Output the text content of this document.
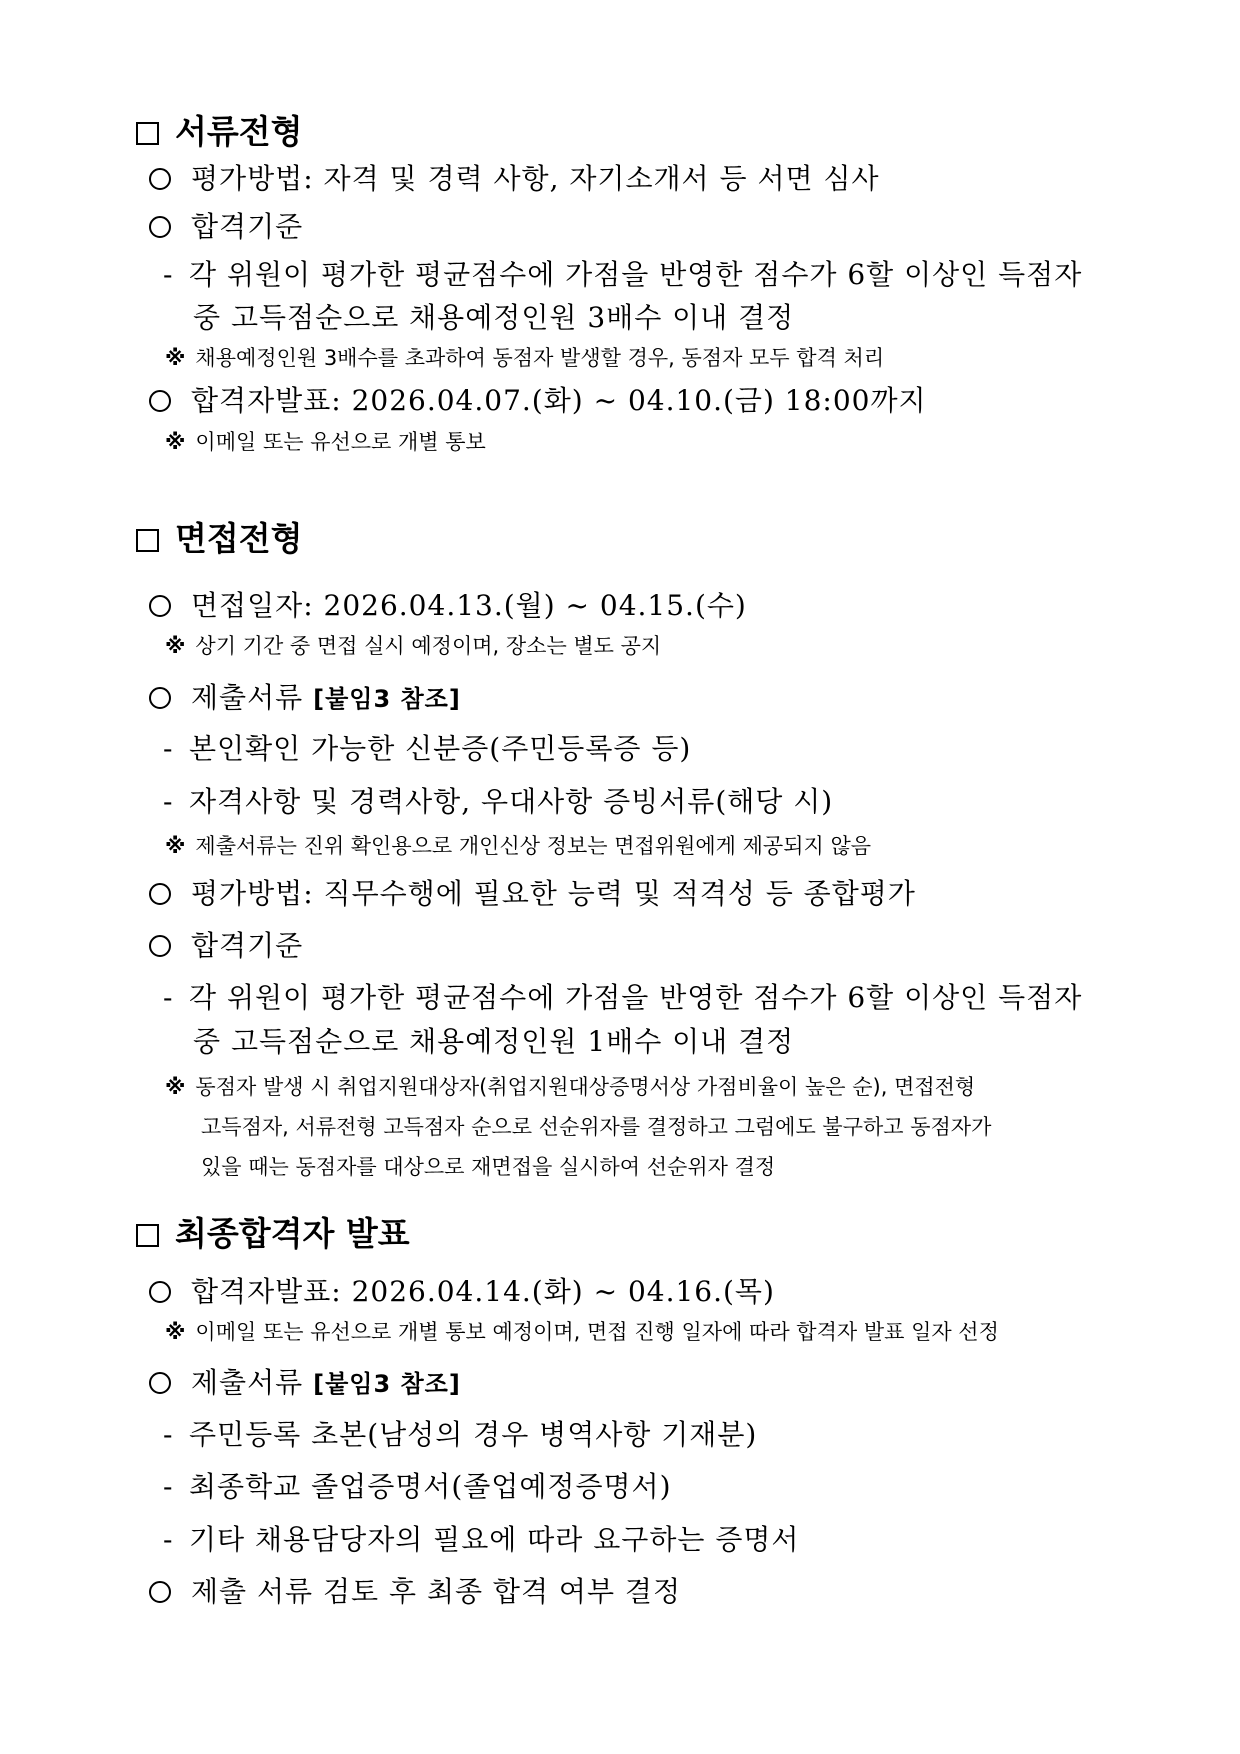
서류전형
평가방법: 자격 및 경력 사항, 자기소개서 등 서면 심사
합격기준
- 각 위원이 평가한 평균점수에 가점을 반영한 점수가 6할 이상인 득점자
중 고득점순으로 채용예정인원 3배수 이내 결정
※ 채용예정인원 3배수를 초과하여 동점자 발생할 경우, 동점자 모두 합격 처리
합격자발표: 2026.04.07.(화) ~ 04.10.(금) 18:00까지
※ 이메일 또는 유선으로 개별 통보
면접전형
면접일자: 2026.04.13.(월) ~ 04.15.(수)
※ 상기 기간 중 면접 실시 예정이며, 장소는 별도 공지
제출서류 [붙임3 참조]
- 본인확인 가능한 신분증(주민등록증 등)
- 자격사항 및 경력사항, 우대사항 증빙서류(해당 시)
※ 제출서류는 진위 확인용으로 개인신상 정보는 면접위원에게 제공되지 않음
평가방법: 직무수행에 필요한 능력 및 적격성 등 종합평가
합격기준
- 각 위원이 평가한 평균점수에 가점을 반영한 점수가 6할 이상인 득점자
중 고득점순으로 채용예정인원 1배수 이내 결정
※ 동점자 발생 시 취업지원대상자(취업지원대상증명서상 가점비율이 높은 순), 면접전형
고득점자, 서류전형 고득점자 순으로 선순위자를 결정하고 그럼에도 불구하고 동점자가
있을 때는 동점자를 대상으로 재면접을 실시하여 선순위자 결정
최종합격자 발표
합격자발표: 2026.04.14.(화) ~ 04.16.(목)
※ 이메일 또는 유선으로 개별 통보 예정이며, 면접 진행 일자에 따라 합격자 발표 일자 선정
제출서류 [붙임3 참조]
- 주민등록 초본(남성의 경우 병역사항 기재분)
- 최종학교 졸업증명서(졸업예정증명서)
- 기타 채용담당자의 필요에 따라 요구하는 증명서
제출 서류 검토 후 최종 합격 여부 결정
